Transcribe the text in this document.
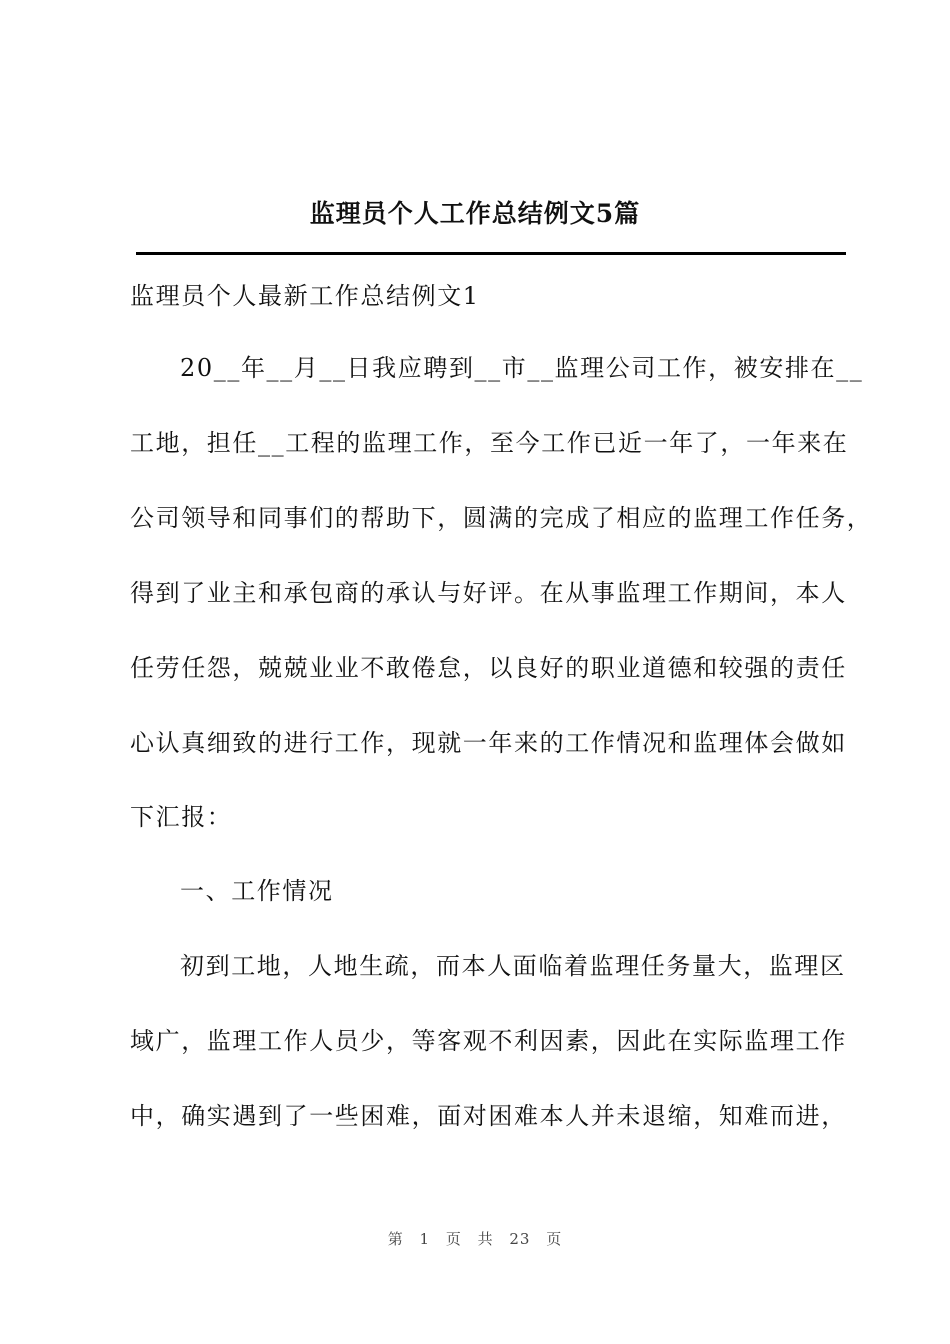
监理员个人工作总结例文5篇
监理员个人最新工作总结例文1
20__年__月__日我应聘到__市__监理公司工作，被安排在__
工地，担任__工程的监理工作，至今工作已近一年了，一年来在
公司领导和同事们的帮助下，圆满的完成了相应的监理工作任务，
得到了业主和承包商的承认与好评。在从事监理工作期间，本人
任劳任怨，兢兢业业不敢倦怠，以良好的职业道德和较强的责任
心认真细致的进行工作，现就一年来的工作情况和监理体会做如
下汇报：
一、工作情况
初到工地，人地生疏，而本人面临着监理任务量大，监理区
域广，监理工作人员少，等客观不利因素，因此在实际监理工作
中，确实遇到了一些困难，面对困难本人并未退缩，知难而进，
第 1 页 共 23 页
